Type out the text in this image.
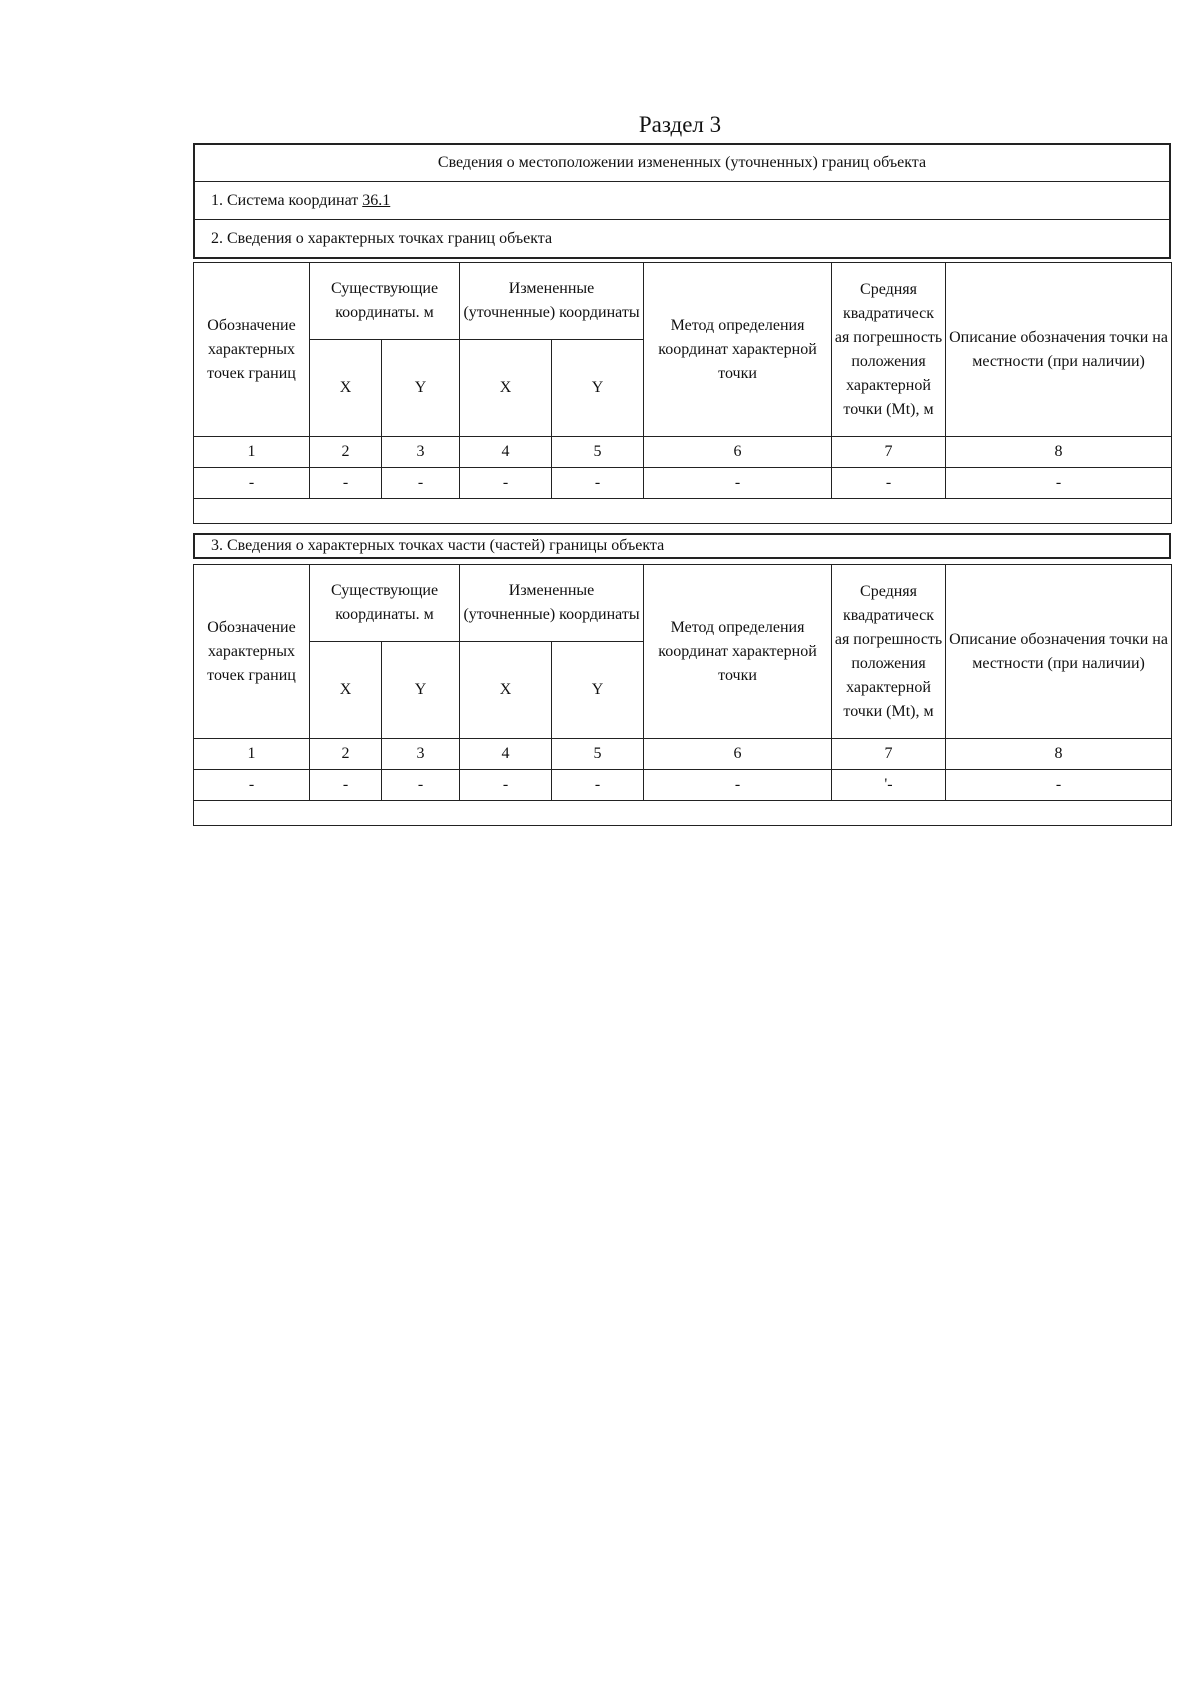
Раздел 3
Сведения о местоположении измененных (уточненных) границ объекта
1. Система координат 36.1
2. Сведения о характерных точках границ объекта
Обозначение характерных точек границ	Существующие координаты. м		Измененные (уточненные) координаты		Метод определения координат характерной точки	Средняя квадратическ ая погрешность положения характерной точки (Mt), м	Описание обозначения точки на местности (при наличии)
	X	Y	X	Y			
1	2	3	4	5	6	7	8
-	-	-	-	-	-	-	-

3. Сведения о характерных точках части (частей) границы объекта
Обозначение характерных точек границ	Существующие координаты. м		Измененные (уточненные) координаты		Метод определения координат характерной точки	Средняя квадратическ ая погрешность положения характерной точки (Mt), м	Описание обозначения точки на местности (при наличии)
	X	Y	X	Y			
1	2	3	4	5	6	7	8
-	-	-	-	-	-	'-	-
